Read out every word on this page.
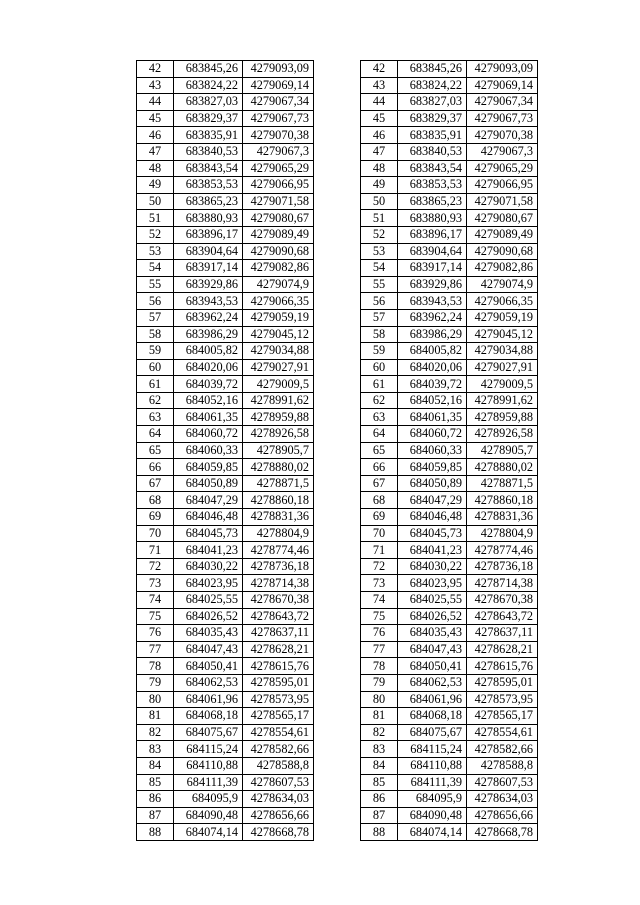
42	683845,26	4279093,09
43	683824,22	4279069,14
44	683827,03	4279067,34
45	683829,37	4279067,73
46	683835,91	4279070,38
47	683840,53	4279067,3
48	683843,54	4279065,29
49	683853,53	4279066,95
50	683865,23	4279071,58
51	683880,93	4279080,67
52	683896,17	4279089,49
53	683904,64	4279090,68
54	683917,14	4279082,86
55	683929,86	4279074,9
56	683943,53	4279066,35
57	683962,24	4279059,19
58	683986,29	4279045,12
59	684005,82	4279034,88
60	684020,06	4279027,91
61	684039,72	4279009,5
62	684052,16	4278991,62
63	684061,35	4278959,88
64	684060,72	4278926,58
65	684060,33	4278905,7
66	684059,85	4278880,02
67	684050,89	4278871,5
68	684047,29	4278860,18
69	684046,48	4278831,36
70	684045,73	4278804,9
71	684041,23	4278774,46
72	684030,22	4278736,18
73	684023,95	4278714,38
74	684025,55	4278670,38
75	684026,52	4278643,72
76	684035,43	4278637,11
77	684047,43	4278628,21
78	684050,41	4278615,76
79	684062,53	4278595,01
80	684061,96	4278573,95
81	684068,18	4278565,17
82	684075,67	4278554,61
83	684115,24	4278582,66
84	684110,88	4278588,8
85	684111,39	4278607,53
86	684095,9	4278634,03
87	684090,48	4278656,66
88	684074,14	4278668,78
42	683845,26	4279093,09
43	683824,22	4279069,14
44	683827,03	4279067,34
45	683829,37	4279067,73
46	683835,91	4279070,38
47	683840,53	4279067,3
48	683843,54	4279065,29
49	683853,53	4279066,95
50	683865,23	4279071,58
51	683880,93	4279080,67
52	683896,17	4279089,49
53	683904,64	4279090,68
54	683917,14	4279082,86
55	683929,86	4279074,9
56	683943,53	4279066,35
57	683962,24	4279059,19
58	683986,29	4279045,12
59	684005,82	4279034,88
60	684020,06	4279027,91
61	684039,72	4279009,5
62	684052,16	4278991,62
63	684061,35	4278959,88
64	684060,72	4278926,58
65	684060,33	4278905,7
66	684059,85	4278880,02
67	684050,89	4278871,5
68	684047,29	4278860,18
69	684046,48	4278831,36
70	684045,73	4278804,9
71	684041,23	4278774,46
72	684030,22	4278736,18
73	684023,95	4278714,38
74	684025,55	4278670,38
75	684026,52	4278643,72
76	684035,43	4278637,11
77	684047,43	4278628,21
78	684050,41	4278615,76
79	684062,53	4278595,01
80	684061,96	4278573,95
81	684068,18	4278565,17
82	684075,67	4278554,61
83	684115,24	4278582,66
84	684110,88	4278588,8
85	684111,39	4278607,53
86	684095,9	4278634,03
87	684090,48	4278656,66
88	684074,14	4278668,78
